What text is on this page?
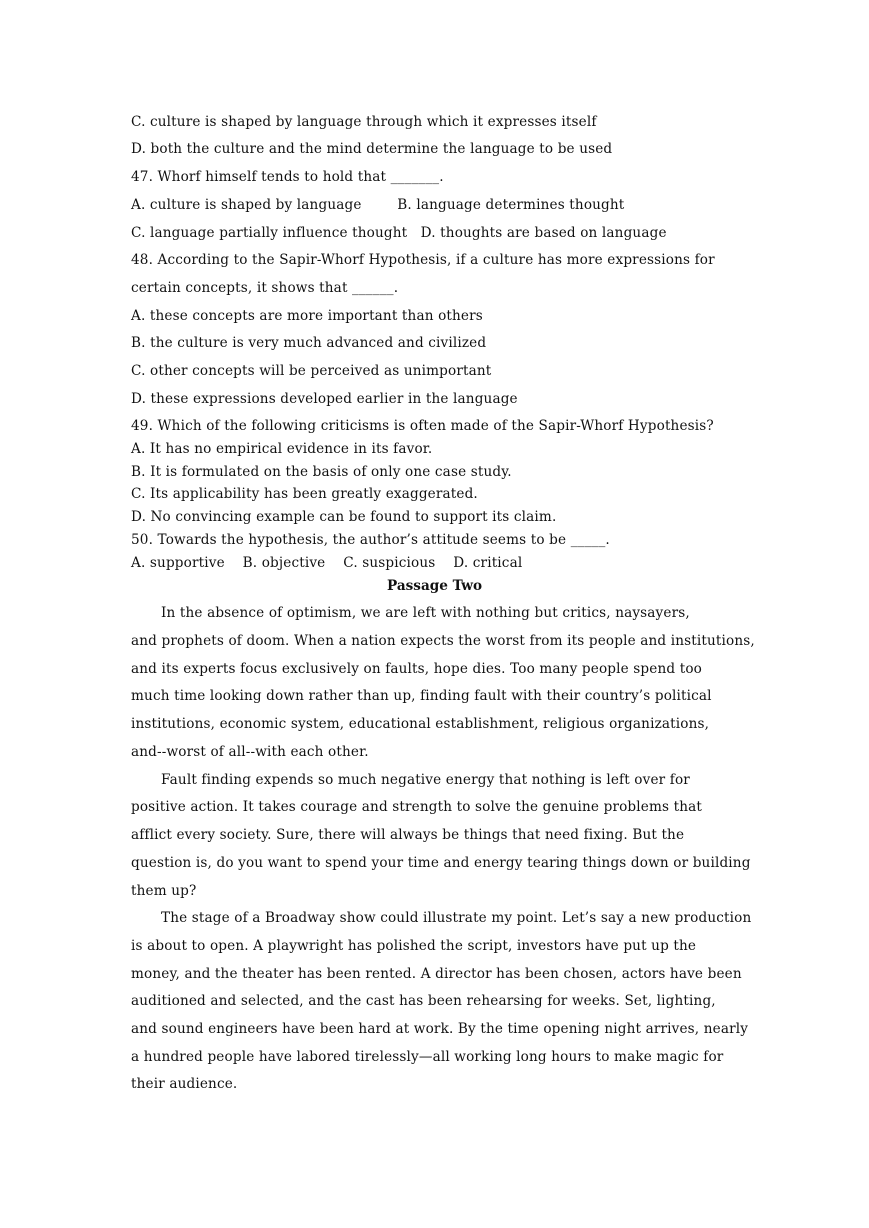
C. culture is shaped by language through which it expresses itself

D. both the culture and the mind determine the language to be used

47. Whorf himself tends to hold that _______.

A. culture is shaped by language        B. language determines thought

C. language partially influence thought   D. thoughts are based on language

48. According to the Sapir-Whorf Hypothesis, if a culture has more expressions for

certain concepts, it shows that ______.

A. these concepts are more important than others

B. the culture is very much advanced and civilized

C. other concepts will be perceived as unimportant

D. these expressions developed earlier in the language

49. Which of the following criticisms is often made of the Sapir-Whorf Hypothesis?

A. It has no empirical evidence in its favor.

B. It is formulated on the basis of only one case study.

C. Its applicability has been greatly exaggerated.

D. No convincing example can be found to support its claim.

50. Towards the hypothesis, the author’s attitude seems to be _____.

A. supportive    B. objective    C. suspicious    D. critical

Passage Two

In the absence of optimism, we are left with nothing but critics, naysayers,

and prophets of doom. When a nation expects the worst from its people and institutions,

and its experts focus exclusively on faults, hope dies. Too many people spend too

much time looking down rather than up, finding fault with their country’s political

institutions, economic system, educational establishment, religious organizations,

and--worst of all--with each other.

Fault finding expends so much negative energy that nothing is left over for

positive action. It takes courage and strength to solve the genuine problems that

afflict every society. Sure, there will always be things that need fixing. But the

question is, do you want to spend your time and energy tearing things down or building

them up?

The stage of a Broadway show could illustrate my point. Let’s say a new production

is about to open. A playwright has polished the script, investors have put up the

money, and the theater has been rented. A director has been chosen, actors have been

auditioned and selected, and the cast has been rehearsing for weeks. Set, lighting,

and sound engineers have been hard at work. By the time opening night arrives, nearly

a hundred people have labored tirelessly—all working long hours to make magic for

their audience.
